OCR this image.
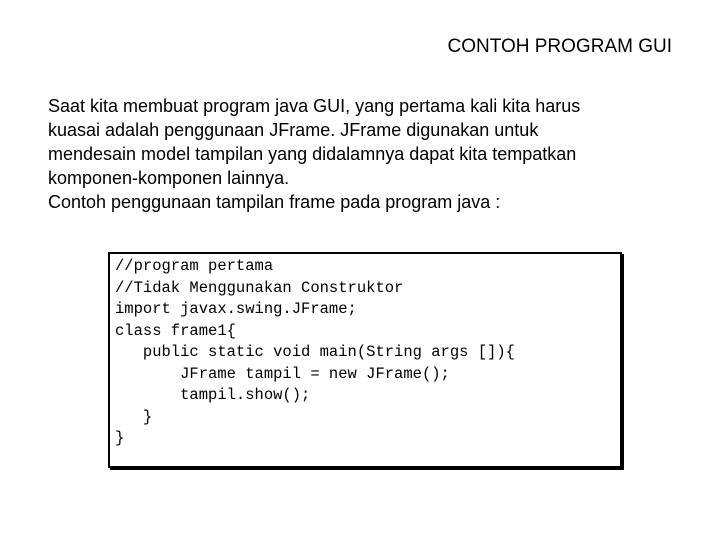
CONTOH PROGRAM GUI
Saat kita membuat program java GUI, yang pertama kali kita harus
kuasai adalah penggunaan JFrame. JFrame digunakan untuk
mendesain model tampilan yang didalamnya dapat kita tempatkan
komponen-komponen lainnya.
Contoh penggunaan tampilan frame pada program java :
//program pertama
//Tidak Menggunakan Construktor
import javax.swing.JFrame;
class frame1{
public static void main(String args []){
JFrame tampil = new JFrame();
tampil.show();
}
}
